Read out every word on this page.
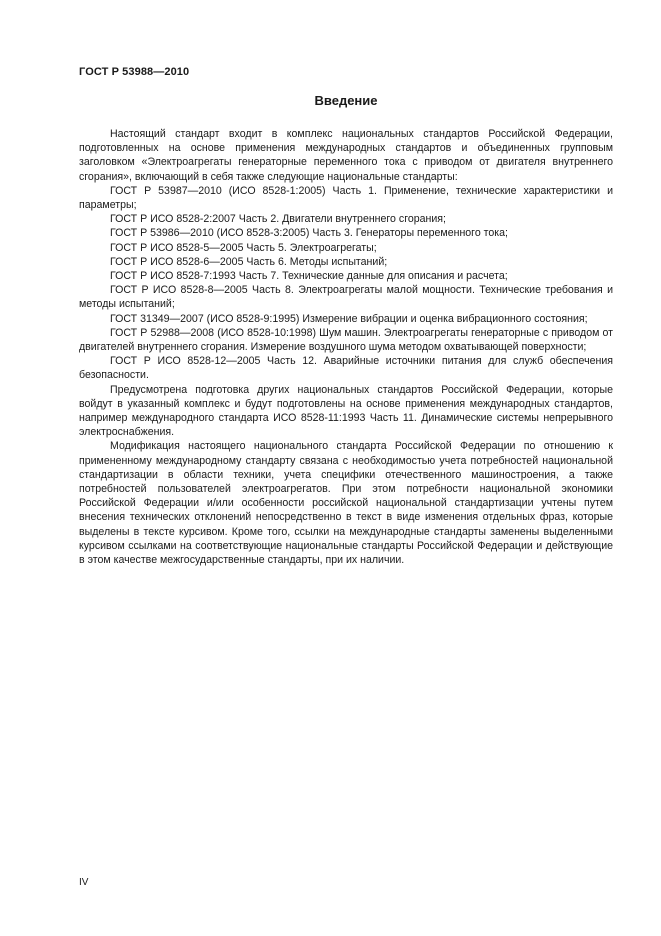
ГОСТ Р 53988—2010
Введение

Настоящий стандарт входит в комплекс национальных стандартов Российской Федерации, подготовленных на основе применения международных стандартов и объединенных групповым заголовком «Электроагрегаты генераторные переменного тока с приводом от двигателя внутреннего сгорания», включающий в себя также следующие национальные стандарты:

ГОСТ Р 53987—2010 (ИСО 8528-1:2005) Часть 1. Применение, технические характеристики и параметры;

ГОСТ Р ИСО 8528-2:2007 Часть 2. Двигатели внутреннего сгорания;

ГОСТ Р 53986—2010 (ИСО 8528-3:2005) Часть 3. Генераторы переменного тока;

ГОСТ Р ИСО 8528-5—2005 Часть 5. Электроагрегаты;

ГОСТ Р ИСО 8528-6—2005 Часть 6. Методы испытаний;

ГОСТ Р ИСО 8528-7:1993 Часть 7. Технические данные для описания и расчета;

ГОСТ Р ИСО 8528-8—2005 Часть 8. Электроагрегаты малой мощности. Технические требования и методы испытаний;

ГОСТ 31349—2007 (ИСО 8528-9:1995) Измерение вибрации и оценка вибрационного состояния;

ГОСТ Р 52988—2008 (ИСО 8528-10:1998) Шум машин. Электроагрегаты генераторные с приводом от двигателей внутреннего сгорания. Измерение воздушного шума методом охватывающей поверхности;

ГОСТ Р ИСО 8528-12—2005 Часть 12. Аварийные источники питания для служб обеспечения безопасности.

Предусмотрена подготовка других национальных стандартов Российской Федерации, которые войдут в указанный комплекс и будут подготовлены на основе применения международных стандартов, например международного стандарта ИСО 8528-11:1993 Часть 11. Динамические системы непрерывного электроснабжения.

Модификация настоящего национального стандарта Российской Федерации по отношению к примененному международному стандарту связана с необходимостью учета потребностей национальной стандартизации в области техники, учета специфики отечественного машиностроения, а также потребностей пользователей электроагрегатов. При этом потребности национальной экономики Российской Федерации и/или особенности российской национальной стандартизации учтены путем внесения технических отклонений непосредственно в текст в виде изменения отдельных фраз, которые выделены в тексте курсивом. Кроме того, ссылки на международные стандарты заменены выделенными курсивом ссылками на соответствующие национальные стандарты Российской Федерации и действующие в этом качестве межгосударственные стандарты, при их наличии.

IV
